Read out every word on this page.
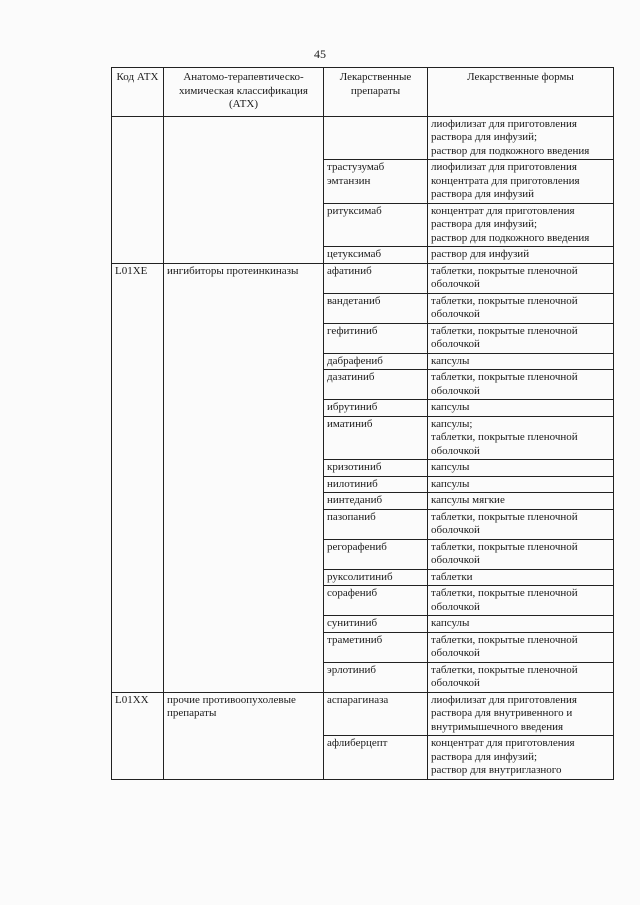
45
Код АТХ	Анатомо-терапевтическо-химическая классификация (АТХ)	Лекарственные препараты	Лекарственные формы
			лиофилизат для приготовления раствора для инфузий;
раствор для подкожного введения
		трастузумаб эмтанзин	лиофилизат для приготовления концентрата для приготовления раствора для инфузий
		ритуксимаб	концентрат для приготовления раствора для инфузий;
раствор для подкожного введения
		цетуксимаб	раствор для инфузий
L01XE	ингибиторы протеинкиназы	афатиниб	таблетки, покрытые пленочной оболочкой
		вандетаниб	таблетки, покрытые пленочной оболочкой
		гефитиниб	таблетки, покрытые пленочной оболочкой
		дабрафениб	капсулы
		дазатиниб	таблетки, покрытые пленочной оболочкой
		ибрутиниб	капсулы
		иматиниб	капсулы;
таблетки, покрытые пленочной оболочкой
		кризотиниб	капсулы
		нилотиниб	капсулы
		нинтеданиб	капсулы мягкие
		пазопаниб	таблетки, покрытые пленочной оболочкой
		регорафениб	таблетки, покрытые пленочной оболочкой
		руксолитиниб	таблетки
		сорафениб	таблетки, покрытые пленочной оболочкой
		сунитиниб	капсулы
		траметиниб	таблетки, покрытые пленочной оболочкой
		эрлотиниб	таблетки, покрытые пленочной оболочкой
L01XX	прочие противоопухолевые препараты	аспарагиназа	лиофилизат для приготовления раствора для внутривенного и внутримышечного введения
		афлиберцепт	концентрат для приготовления раствора для инфузий;
раствор для внутриглазного
